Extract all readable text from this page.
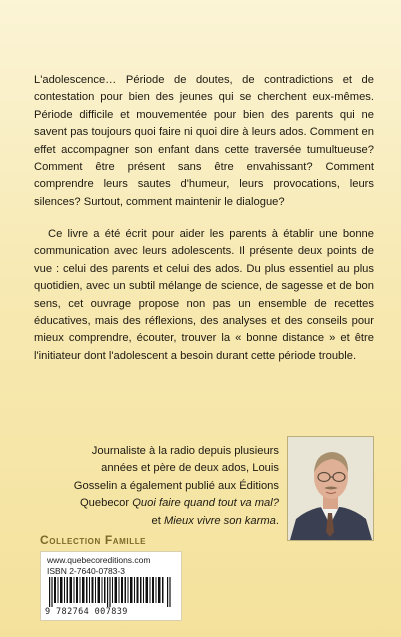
L'adolescence… Période de doutes, de contradictions et de contestation pour bien des jeunes qui se cherchent eux-mêmes. Période difficile et mouvementée pour bien des parents qui ne savent pas toujours quoi faire ni quoi dire à leurs ados. Comment en effet accompagner son enfant dans cette traversée tumultueuse? Comment être présent sans être envahissant? Comment comprendre leurs sautes d'humeur, leurs provocations, leurs silences? Surtout, comment maintenir le dialogue?

Ce livre a été écrit pour aider les parents à établir une bonne communication avec leurs adolescents. Il présente deux points de vue : celui des parents et celui des ados. Du plus essentiel au plus quotidien, avec un subtil mélange de science, de sagesse et de bon sens, cet ouvrage propose non pas un ensemble de recettes éducatives, mais des réflexions, des analyses et des conseils pour mieux comprendre, écouter, trouver la « bonne distance » et être l'initiateur dont l'adolescent a besoin durant cette période trouble.

Journaliste à la radio depuis plusieurs années et père de deux ados, Louis Gosselin a également publié aux Éditions Quebecor Quoi faire quand tout va mal? et Mieux vivre son karma.

Collection Famille
www.quebecoreditions.com
ISBN 2-7640-0783-3
9 782764 007839
